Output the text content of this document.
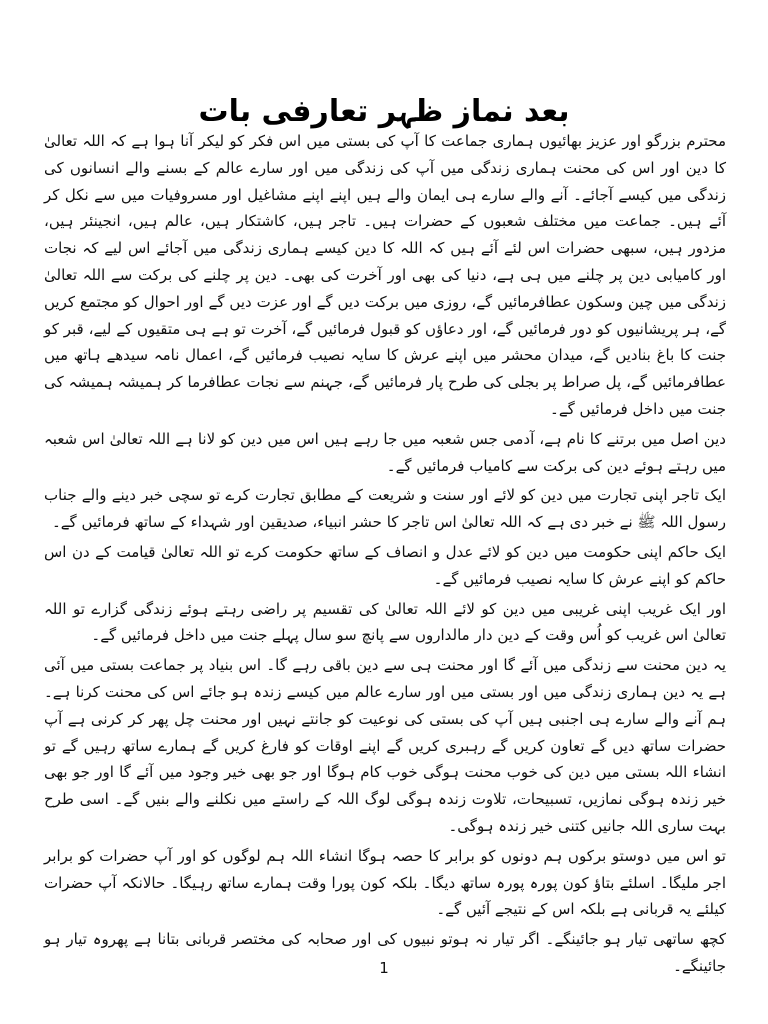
بعد نماز ظہر تعارفی بات

محترم بزرگو اور عزیز بھائیوں ہماری جماعت کا آپ کی بستی میں اس فکر کو لیکر آنا ہوا ہے کہ اللہ تعالیٰ کا دین اور اس کی محنت ہماری زندگی میں آپ کی زندگی میں اور سارے عالم کے بسنے والے انسانوں کی زندگی میں کیسے آجائے۔ آنے والے سارے ہی ایمان والے ہیں اپنے اپنے مشاغیل اور مسروفیات میں سے نکل کر آئے ہیں۔ جماعت میں مختلف شعبوں کے حضرات ہیں۔ تاجر ہیں، کاشتکار ہیں، عالم ہیں، انجینئر ہیں، مزدور ہیں، سبھی حضرات اس لئے آئے ہیں کہ اللہ کا دین کیسے ہماری زندگی میں آجائے اس لیے کہ نجات اور کامیابی دین پر چلنے میں ہی ہے، دنیا کی بھی اور آخرت کی بھی۔ دین پر چلنے کی برکت سے اللہ تعالیٰ زندگی میں چین وسکون عطافرمائیں گے، روزی میں برکت دیں گے اور عزت دیں گے اور احوال کو مجتمع کریں گے، ہر پریشانیوں کو دور فرمائیں گے، اور دعاؤں کو قبول فرمائیں گے، آخرت تو ہے ہی متقیوں کے لیے، قبر کو جنت کا باغ بنادیں گے، میدان محشر میں اپنے عرش کا سایہ نصیب فرمائیں گے، اعمال نامہ سیدھے ہاتھ میں عطافرمائیں گے، پل صراط پر بجلی کی طرح پار فرمائیں گے، جہنم سے نجات عطافرما کر ہمیشہ ہمیشہ کی جنت میں داخل فرمائیں گے۔

دین اصل میں برتنے کا نام ہے، آدمی جس شعبہ میں جا رہے ہیں اس میں دین کو لانا ہے اللہ تعالیٰ اس شعبہ میں رہتے ہوئے دین کی برکت سے کامیاب فرمائیں گے۔

ایک تاجر اپنی تجارت میں دین کو لائے اور سنت و شریعت کے مطابق تجارت کرے تو سچی خبر دینے والے جناب رسول اللہ ﷺ نے خبر دی ہے کہ اللہ تعالیٰ اس تاجر کا حشر انبیاء، صدیقین اور شہداء کے ساتھ فرمائیں گے۔

ایک حاکم اپنی حکومت میں دین کو لائے عدل و انصاف کے ساتھ حکومت کرے تو اللہ تعالیٰ قیامت کے دن اس حاکم کو اپنے عرش کا سایہ نصیب فرمائیں گے۔

اور ایک غریب اپنی غریبی میں دین کو لائے اللہ تعالیٰ کی تقسیم پر راضی رہتے ہوئے زندگی گزارے تو اللہ تعالیٰ اس غریب کو اُس وقت کے دین دار مالداروں سے پانچ سو سال پہلے جنت میں داخل فرمائیں گے۔

یہ دین محنت سے زندگی میں آئے گا اور محنت ہی سے دین باقی رہے گا۔ اس بنیاد پر جماعت بستی میں آئی ہے یہ دین ہماری زندگی میں اور بستی میں اور سارے عالم میں کیسے زندہ ہو جائے اس کی محنت کرنا ہے۔ ہم آنے والے سارے ہی اجنبی ہیں آپ کی بستی کی نوعیت کو جانتے نہیں اور محنت چل پھر کر کرنی ہے آپ حضرات ساتھ دیں گے تعاون کریں گے رہبری کریں گے اپنے اوقات کو فارغ کریں گے ہمارے ساتھ رہیں گے تو انشاء اللہ بستی میں دین کی خوب محنت ہوگی خوب کام ہوگا اور جو بھی خیر وجود میں آئے گا اور جو بھی خیر زندہ ہوگی نمازیں، تسبیحات، تلاوت زندہ ہوگی لوگ اللہ کے راستے میں نکلنے والے بنیں گے۔ اسی طرح بہت ساری اللہ جانیں کتنی خیر زندہ ہوگی۔

تو اس میں دوستو برکوں ہم دونوں کو برابر کا حصہ ہوگا انشاء اللہ ہم لوگوں کو اور آپ حضرات کو برابر اجر ملیگا۔ اسلئے بتاؤ کون پورہ پورہ ساتھ دیگا۔ بلکہ کون پورا وقت ہمارے ساتھ رہیگا۔ حالانکہ آپ حضرات کیلئے یہ قربانی ہے بلکہ اس کے نتیجے آئیں گے۔

کچھ ساتھی تیار ہو جائینگے۔ اگر تیار نہ ہوتو نبیوں کی اور صحابہ کی مختصر قربانی بتانا ہے پھروہ تیار ہو جائینگے۔

1
